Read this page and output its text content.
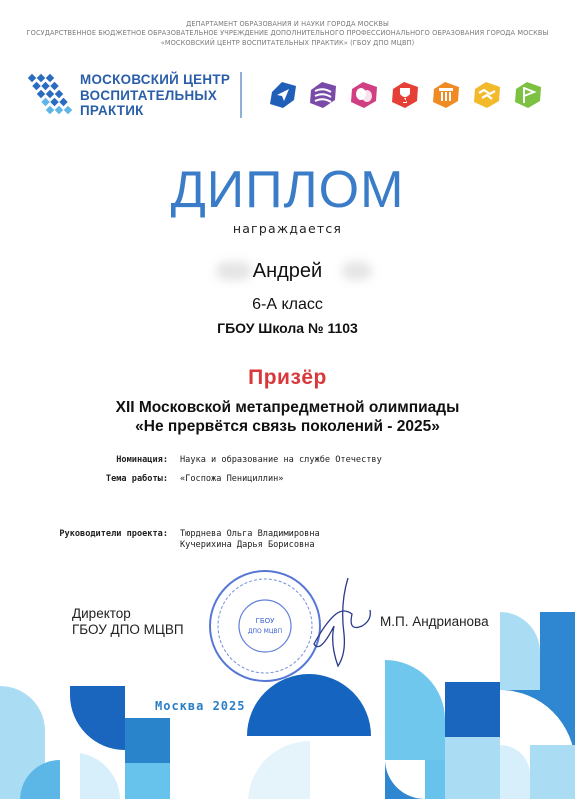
ДЕПАРТАМЕНТ ОБРАЗОВАНИЯ И НАУКИ ГОРОДА МОСКВЫ
ГОСУДАРСТВЕННОЕ БЮДЖЕТНОЕ ОБРАЗОВАТЕЛЬНОЕ УЧРЕЖДЕНИЕ ДОПОЛНИТЕЛЬНОГО ПРОФЕССИОНАЛЬНОГО ОБРАЗОВАНИЯ ГОРОДА МОСКВЫ
«МОСКОВСКИЙ ЦЕНТР ВОСПИТАТЕЛЬНЫХ ПРАКТИК» (ГБОУ ДПО МЦВП)
МОСКОВСКИЙ ЦЕНТР
ВОСПИТАТЕЛЬНЫХ
ПРАКТИК
ДИПЛОМ
награждается
Андрей
6-А класс
ГБОУ Школа № 1103
Призёр
XII Московской метапредметной олимпиады
«Не прервётся связь поколений - 2025»
Номинация: Наука и образование на службе Отечеству
Тема работы: «Госпожа Пенициллин»
Руководители проекта: Тюрднева Ольга Владимировна
Кучерихина Дарья Борисовна
ГБОУ
ДПО МЦВП
Директор
ГБОУ ДПО МЦВП
М.П. Андрианова
Москва 2025
